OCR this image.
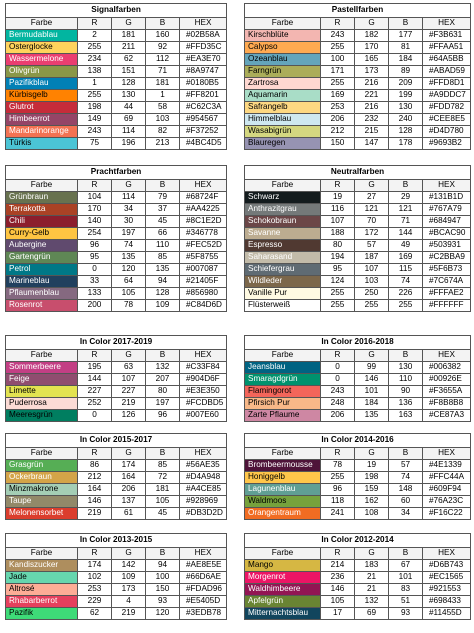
Signalfarben				
Farbe	R	G	B	HEX
Bermudablau	2	181	160	#02B58A
Osterglocke	255	211	92	#FFD35C
Wassermelone	234	62	112	#EA3E70
Olivgrün	138	151	71	#8A9747
Pazifikblau	1	128	181	#0180B5
Kürbisgelb	255	130	1	#FF8201
Glutrot	198	44	58	#C62C3A
Himbeerrot	149	69	103	#954567
Mandarinorange	243	114	82	#F37252
Türkis	75	196	213	#4BC4D5
Pastellfarben				
Farbe	R	G	B	HEX
Kirschblüte	243	182	177	#F3B631
Calypso	255	170	81	#FFAA51
Ozeanblau	100	165	184	#64A5BB
Farngrün	171	173	89	#ABAD59
Zartrosa	255	216	209	#FFD8D1
Aquamarin	169	221	199	#A9DDC7
Safrangelb	253	216	130	#FDD782
Himmelblau	206	232	240	#CEE8E5
Wasabigrün	212	215	128	#D4D780
Blauregen	150	147	178	#9693B2
Prachtfarben				
Farbe	R	G	B	HEX
Grünbraun	104	114	79	#68724F
Terrakotta	170	34	37	#AA4225
Chili	140	30	45	#8C1E2D
Curry-Gelb	254	197	66	#346778
Aubergine	96	74	110	#FEC52D
Gartengrün	95	135	85	#5F8755
Petrol	0	120	135	#007087
Marineblau	33	64	94	#21405F
Pflaumenblau	133	105	128	#856980
Rosenrot	200	78	109	#C84D6D
Neutralfarben				
Farbe	R	G	B	HEX
Schwarz	19	27	29	#131B1D
Anthrazitgrau	116	121	121	#767A79
Schokobraun	107	70	71	#684947
Savanne	188	172	144	#BCAC90
Espresso	80	57	49	#503931
Saharasand	194	187	169	#C2BBA9
Schiefergrau	95	107	115	#5F6B73
Wildleder	124	103	74	#7C674A
Vanille Pur	255	250	226	#FFFAE2
Flüsterweiß	255	255	255	#FFFFFF
In Color 2017-2019				
Farbe	R	G	B	HEX
Sommerbeere	195	63	132	#C33F84
Feige	144	107	207	#904D6F
Limette	227	227	80	#E3E350
Puderrosa	252	219	197	#FCDBD5
Meeresgrün	0	126	96	#007E60
In Color 2016-2018				
Farbe	R	G	B	HEX
Jeansblau	0	99	130	#006382
Smaragdgrün	0	146	110	#00926E
Flamingorot	243	101	90	#F3655A
Pfirsich Pur	248	184	136	#F8B8B8
Zarte Pflaume	206	135	163	#CE87A3
In Color 2015-2017				
Farbe	R	G	B	HEX
Grasgrün	86	174	85	#56AE35
Ockerbraun	212	164	72	#D4A948
Minzmakrone	164	206	181	#A4CE85
Taupe	146	137	105	#928969
Melonensorbet	219	61	45	#DB3D2D
In Color 2014-2016				
Farbe	R	G	B	HEX
Brombeermousse	78	19	57	#4E1339
Honiggelb	255	198	74	#FFC44A
Lagunenblau	96	159	148	#609F94
Waldmoos	118	162	60	#76A23C
Orangentraum	241	108	34	#F16C22
In Color 2013-2015				
Farbe	R	G	B	HEX
Kandiszucker	174	142	94	#AE8E5E
Jade	102	109	100	#66D6AE
Altrosé	253	173	150	#FDAD96
Rhabarberrot	229	4	93	#E5405D
Pazifik	62	219	120	#3EDB78
In Color 2012-2014				
Farbe	R	G	B	HEX
Mango	214	183	67	#D6B743
Morgenrot	236	21	101	#EC1565
Waldhimbeere	146	21	83	#921553
Apfelgrün	105	132	51	#698433
Mitternachtsblau	17	69	93	#11455D
